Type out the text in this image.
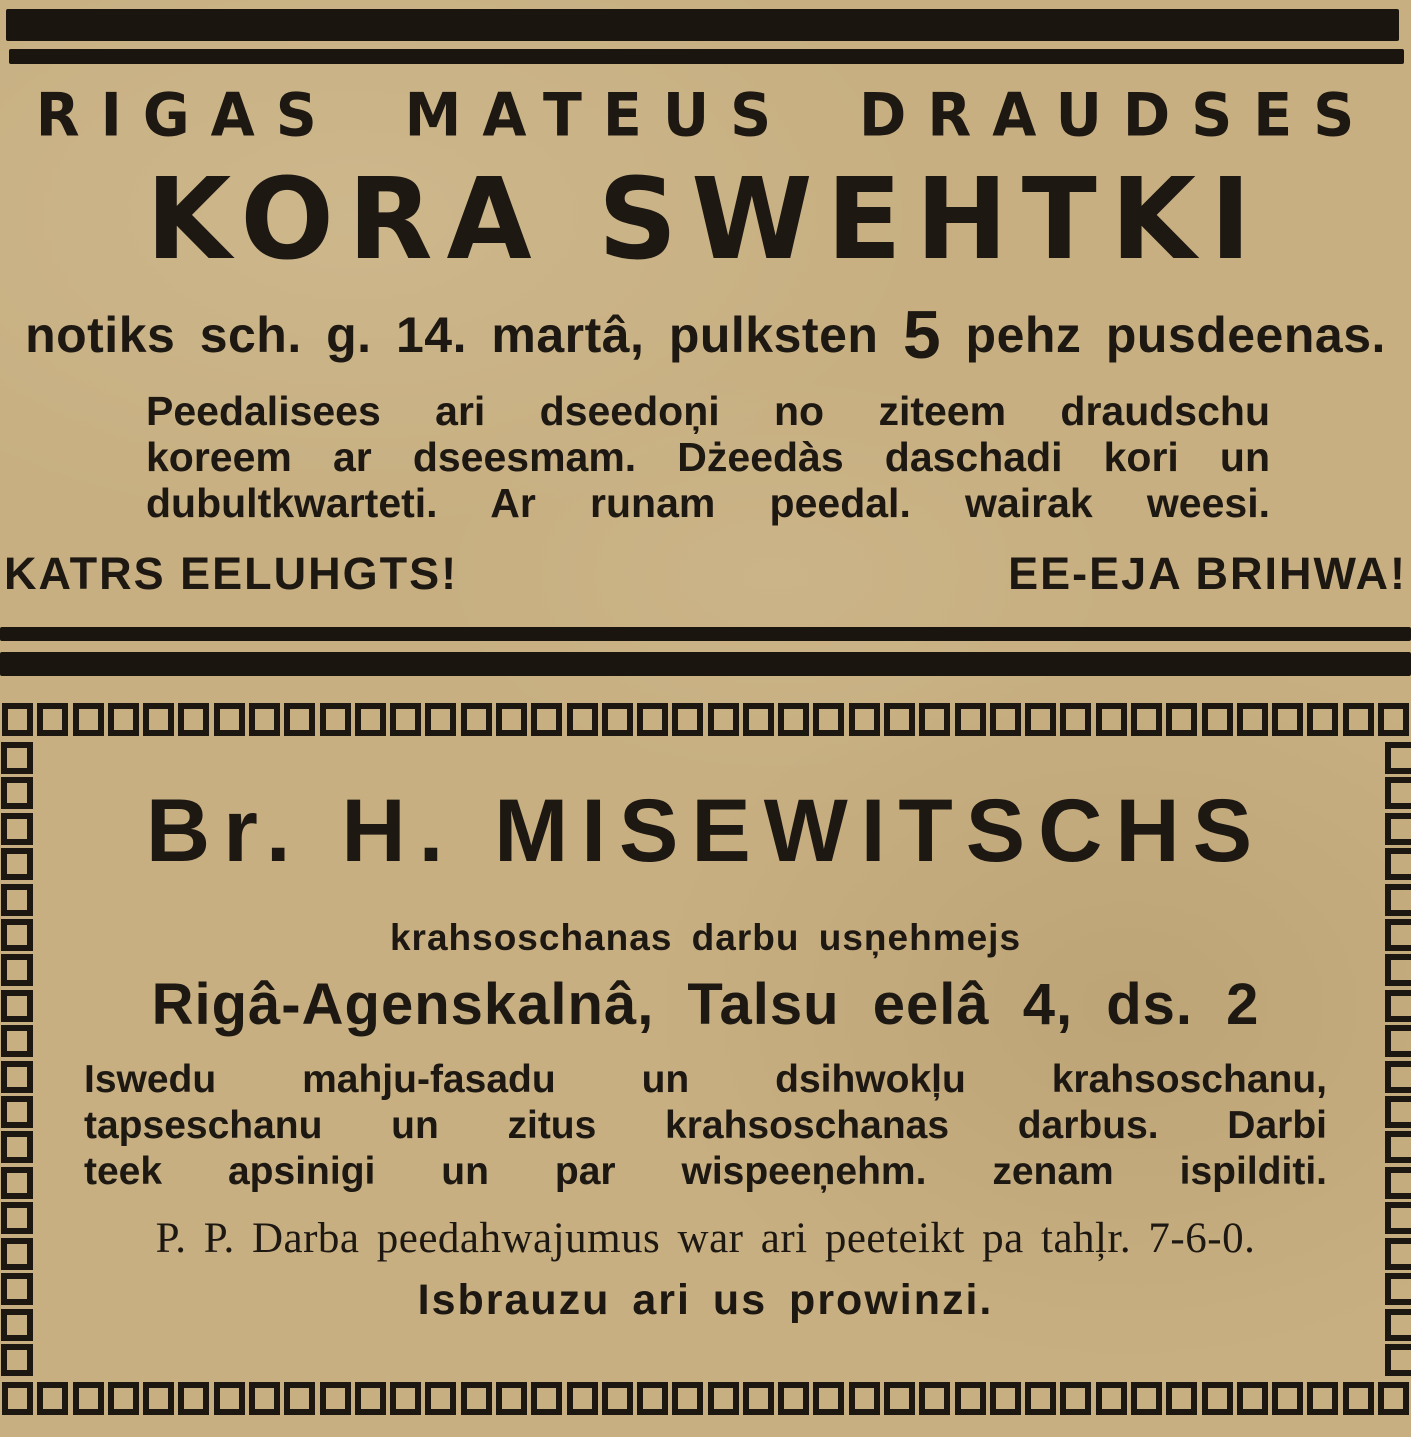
RIGAS MATEUS DRAUDSES
KORA SWEHTKI
notiks sch. g. 14. martâ, pulksten 5 pehz pusdeenas.
Peedalisees ari dseedoņi no ziteem draudschu
koreem ar dseesmam. Dżeedàs daschadi kori un
dubultkwarteti. Ar runam peedal. wairak weesi.
KATRS EELUHGTS!	EE-EJA BRIHWA!
Br. H. MISEWITSCHS
krahsoschanas darbu usņehmejs
Rigâ-Agenskalnâ, Talsu eelâ 4, ds. 2
Iswedu mahju-fasadu un dsihwokļu krahsoschanu,
tapseschanu un zitus krahsoschanas darbus. Darbi
teek apsinigi un par wispeeņehm. zenam ispilditi.
P. P. Darba peedahwajumus war ari peeteikt pa tahļr. 7-6-0.
Isbrauzu ari us prowinzi.
